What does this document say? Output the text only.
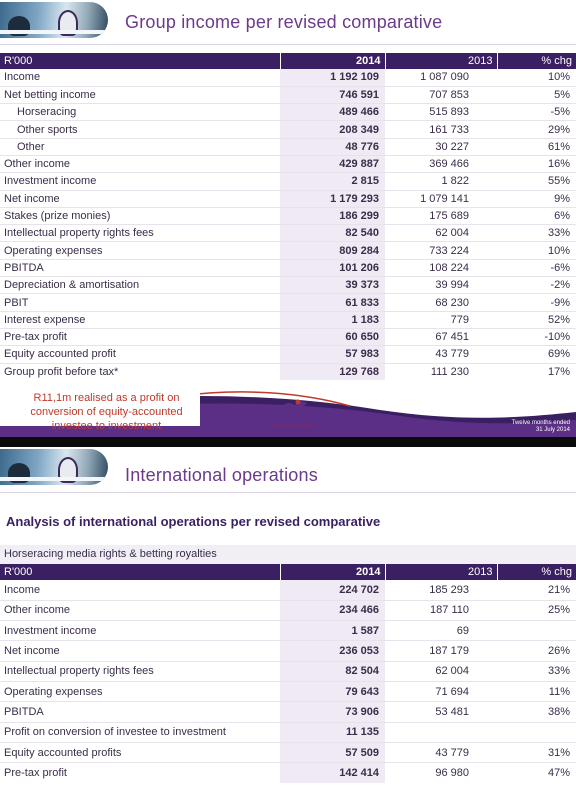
Group income per revised comparative
R'000	2014	2013	% chg
Income	1 192 109	1 087 090	10%
Net betting income	746 591	707 853	5%
Horseracing	489 466	515 893	-5%
Other sports	208 349	161 733	29%
Other	48 776	30 227	61%
Other income	429 887	369 466	16%
Investment income	2 815	1 822	55%
Net income	1 179 293	1 079 141	9%
Stakes (prize monies)	186 299	175 689	6%
Intellectual property rights fees	82 540	62 004	33%
Operating expenses	809 284	733 224	10%
PBITDA	101 206	108 224	-6%
Depreciation & amortisation	39 373	39 994	-2%
PBIT	61 833	68 230	-9%
Interest expense	1 183	779	52%
Pre-tax profit	60 650	67 451	-10%
Equity accounted profit	57 983	43 779	69%
Group profit before tax*	129 768	111 230	17%
R11,1m realised as a profit on conversion of equity-accounted investee to investment	Phumelela Gaming
Twelve months ended
31 July 2014
International operations
Analysis of international operations per revised comparative
Horseracing media rights & betting royalties
R'000	2014	2013	% chg
Income	224 702	185 293	21%
Other income	234 466	187 110	25%
Investment income	1 587	69	
Net income	236 053	187 179	26%
Intellectual property rights fees	82 504	62 004	33%
Operating expenses	79 643	71 694	11%
PBITDA	73 906	53 481	38%
Profit on conversion of investee to investment	11 135		
Equity accounted profits	57 509	43 779	31%
Pre-tax profit	142 414	96 980	47%
